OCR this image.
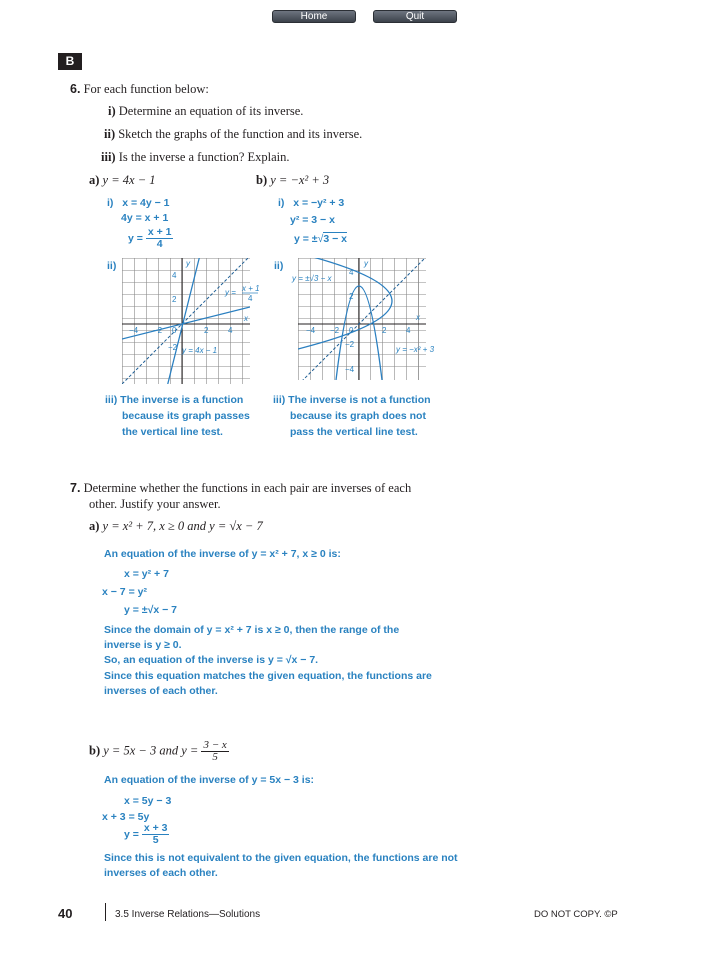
Home	Quit
B
6. For each function below:
i) Determine an equation of its inverse.
ii) Sketch the graphs of the function and its inverse.
iii) Is the inverse a function? Explain.
a) y = 4x − 1	b) y = −x² + 3
i) x = 4y − 1
4y = x + 1
$y = \frac{x + 1}{4}$
i) x = −y² + 3
y² = 3 − x
y = ±√3 − x
ii)	ii)
y
x
4
2
−2
2 4
−2
−4	0
y = x + 1
4
y = 4x − 1
y
x
4
2
−2
−4
2 4
−2
−4	0
y = ±√3 − x
y = −x² + 3
iii) The inverse is a function
because its graph passes
the vertical line test.
iii) The inverse is not a function
because its graph does not
pass the vertical line test.
7. Determine whether the functions in each pair are inverses of each
other. Justify your answer.
a) y = x² + 7, x ≥ 0 and y = √x − 7
An equation of the inverse of y = x² + 7, x ≥ 0 is:
x = y² + 7
x − 7 = y²
y = ±√x − 7
Since the domain of y = x² + 7 is x ≥ 0, then the range of the
inverse is y ≥ 0.
So, an equation of the inverse is y = √x − 7.
Since this equation matches the given equation, the functions are
inverses of each other.
b) y = 5x − 3 and $y = \frac{3 - x}{5}$
An equation of the inverse of y = 5x − 3 is:
x = 5y − 3
x + 3 = 5y
$y = \frac{x + 3}{5}$
Since this is not equivalent to the given equation, the functions are not
inverses of each other.
40	3.5 Inverse Relations—Solutions	DO NOT COPY. ©P
